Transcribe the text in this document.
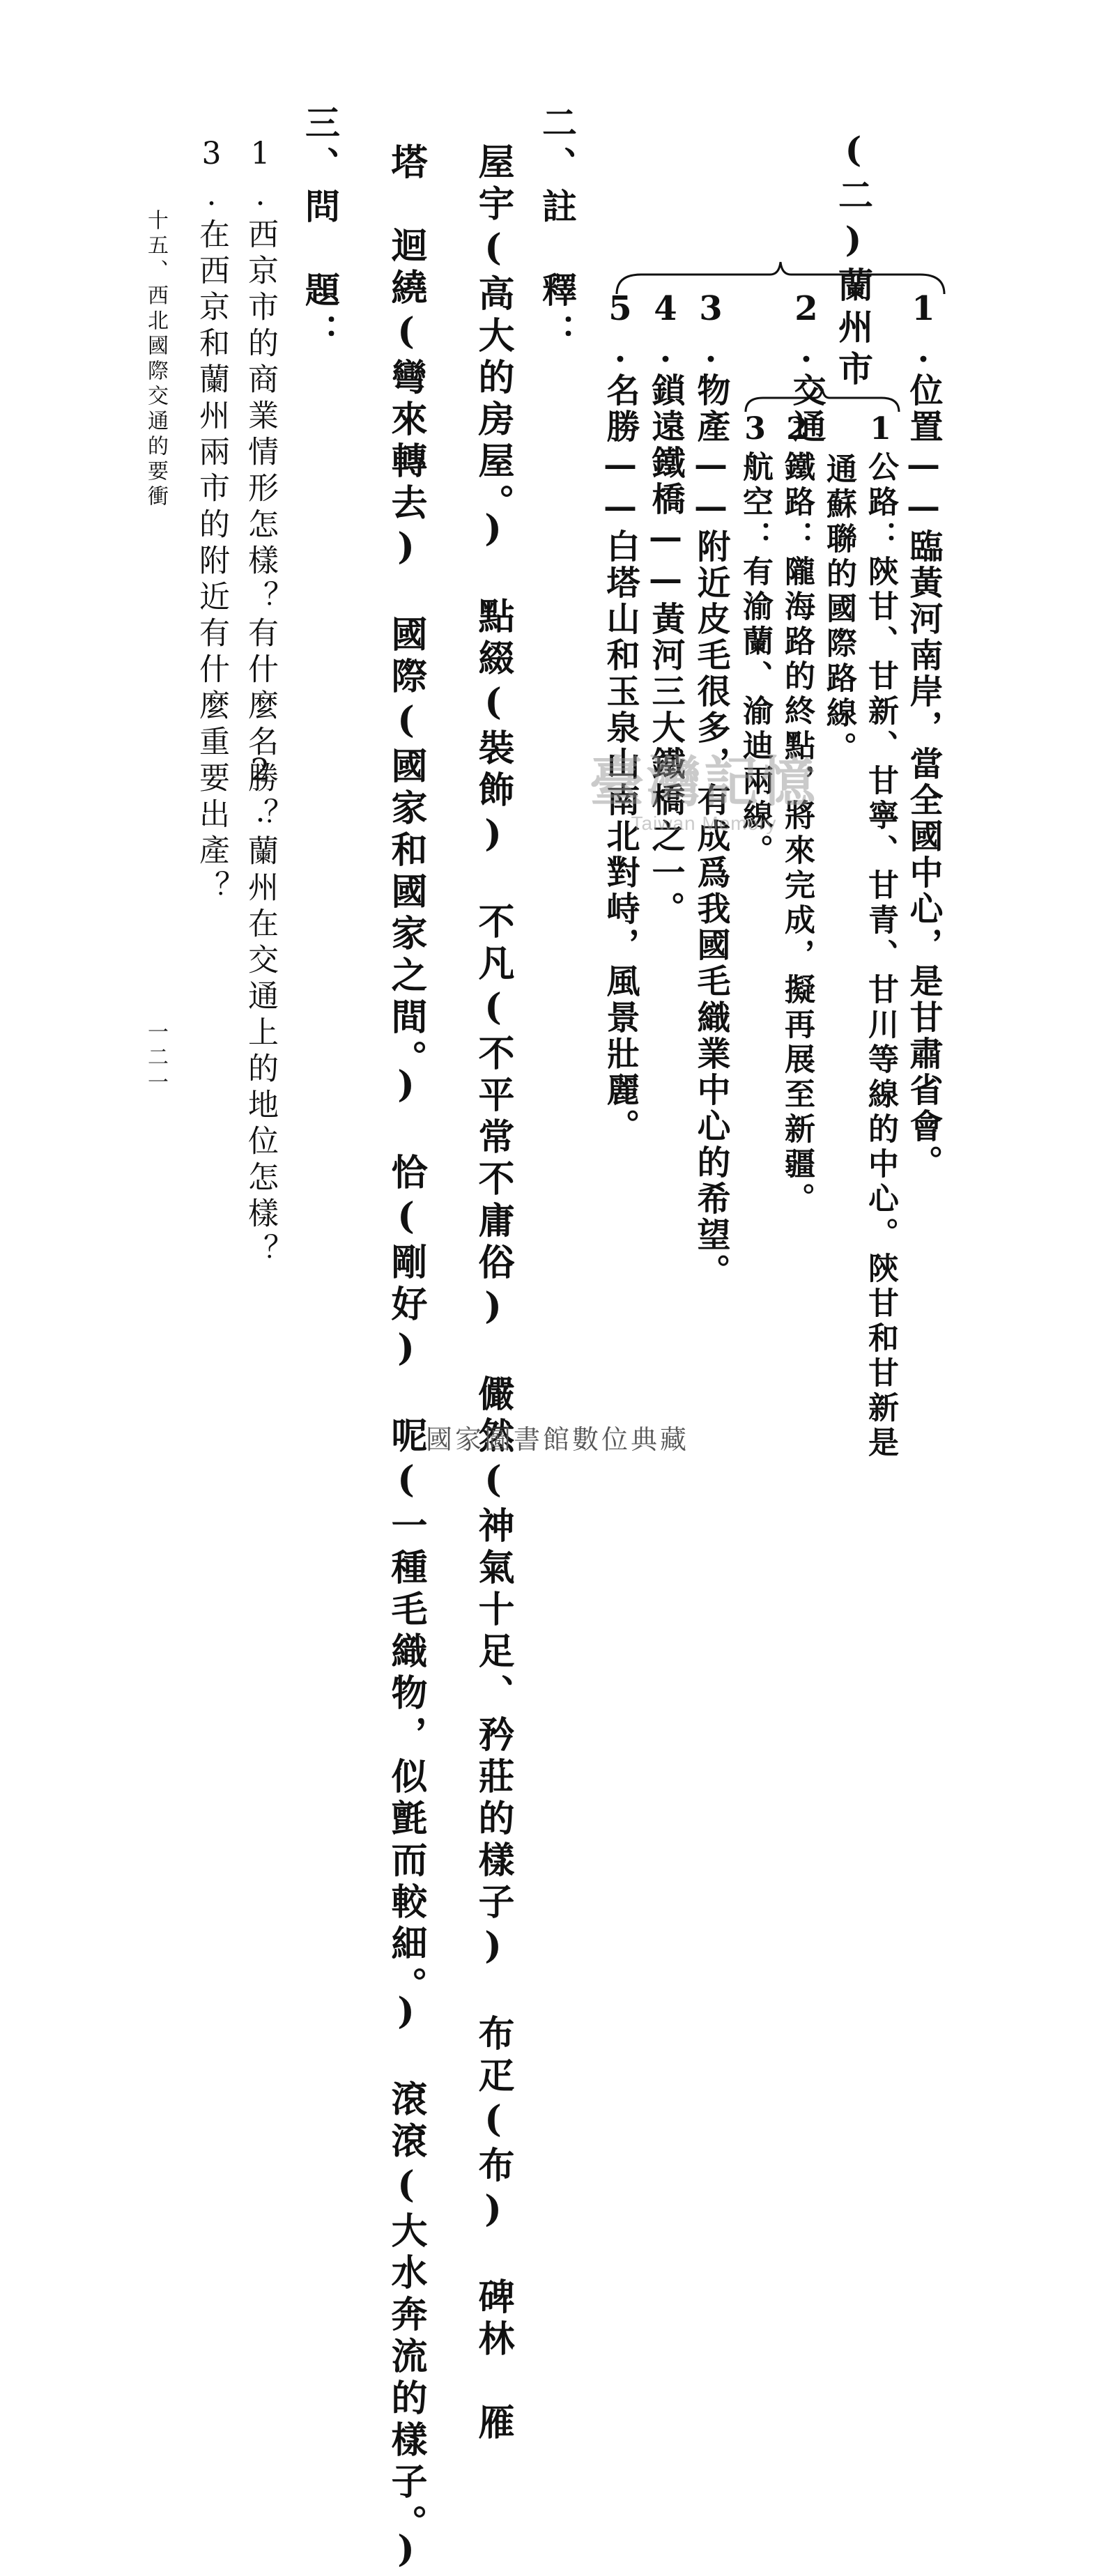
(二)蘭州市
1.位置——臨黃河南岸，當全國中心，是甘肅省會。
2.交通
1公路：陝甘、甘新、甘寧、甘青、甘川等線的中心。陝甘和甘新是
通蘇聯的國際路線。
2鐵路：隴海路的終點，將來完成，擬再展至新疆。
3航空：有渝蘭、渝迪兩線。
3.物產——附近皮毛很多，有成爲我國毛織業中心的希望。
4.鎖遠鐵橋——黃河三大鐵橋之一。
5.名勝——白塔山和玉泉山南北對峙，風景壯麗。
臺灣記憶
Taiwan Memory
二、註　釋：
屋宇(高大的房屋。)　點綴(裝飾)　不凡(不平常不庸俗)　儼然(神氣十足、矜莊的樣子)　布疋(布)　碑林　雁
塔　迴繞(彎來轉去)　國際(國家和國家之間。)　恰(剛好)　呢(一種毛織物，似氈而較細。)　滾滾(大水奔流的樣子。)
三、問　題：
1.西京市的商業情形怎樣？有什麼名勝？
2.蘭州在交通上的地位怎樣？
3.在西京和蘭州兩市的附近有什麼重要出產？
十五、西北國際交通的要衝
一二一
國家圖書館數位典藏
